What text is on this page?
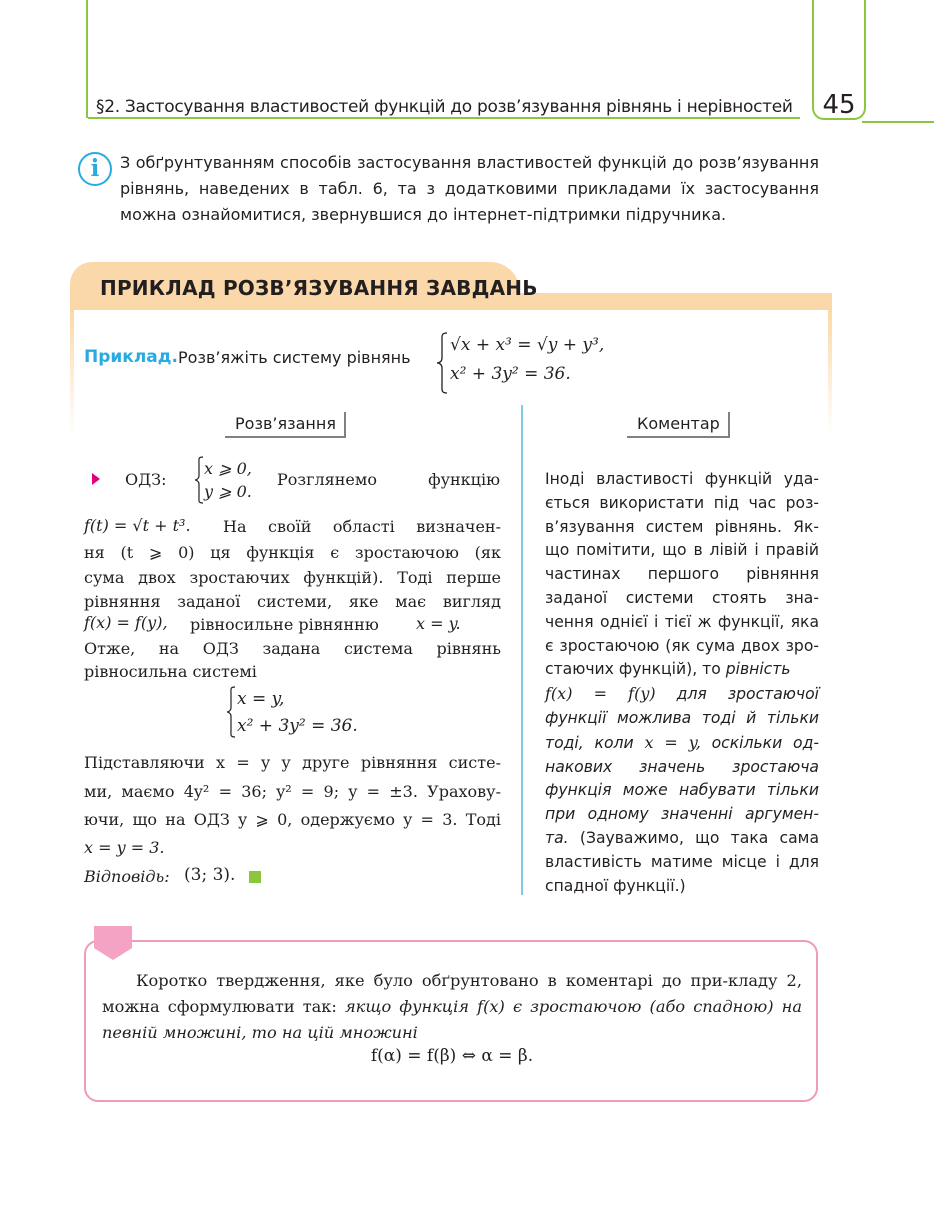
§2. Застосування властивостей функцій до розв’язування рівнянь і нерівностей	45
i	З обґрунтуванням способів застосування властивостей функцій до розв’язування рівнянь, наведених в табл. 6, та з додатковими прикладами їх застосування можна ознайомитися, звернувшися до інтернет-підтримки підручника.
ПРИКЛАД РОЗВ’ЯЗУВАННЯ ЗАВДАНЬ
Приклад. Розв’яжіть систему рівнянь
√x + x³ = √y + y³,
x² + 3y² = 36.
Розв’язання	Коментар
ОДЗ:
x ⩾ 0,
y ⩾ 0.
Розглянемо функцію
f(t) = √t + t³. На своїй області визначен-
ня (t ⩾ 0) ця функція є зростаючою (як
сума двох зростаючих функцій). Тоді перше
рівняння заданої системи, яке має вигляд
f(x) = f(y), рівносильне рівнянню x = y.
Отже, на ОДЗ задана система рівнянь
рівносильна системі
x = y,
x² + 3y² = 36.
Підставляючи x = y у друге рівняння систе-
ми, маємо 4y² = 36; y² = 9; y = ±3. Урахову-
ючи, що на ОДЗ y ⩾ 0, одержуємо y = 3. Тоді
x = y = 3.
Відповідь: (3; 3).
Іноді властивості функцій уда-ється використати під час роз-в’язування систем рівнянь. Як-що помітити, що в лівій і правій частинах першого рівняння заданої системи стоять зна-чення однієї і тієї ж функції, яка є зростаючою (як сума двох зро-стаючих функцій), то рівність
f(x) = f(y) для зростаючої функції можлива тоді й тільки тоді, коли x = y, оскільки од-накових значень зростаюча функція може набувати тільки при одному значенні аргумен-та. (Зауважимо, що така сама властивість матиме місце і для спадної функції.)
Коротко твердження, яке було обґрунтовано в коментарі до при-кладу 2, можна сформулювати так: якщо функція f(x) є зростаючою (або спадною) на певній множині, то на цій множині
f(α) = f(β) ⇔ α = β.
